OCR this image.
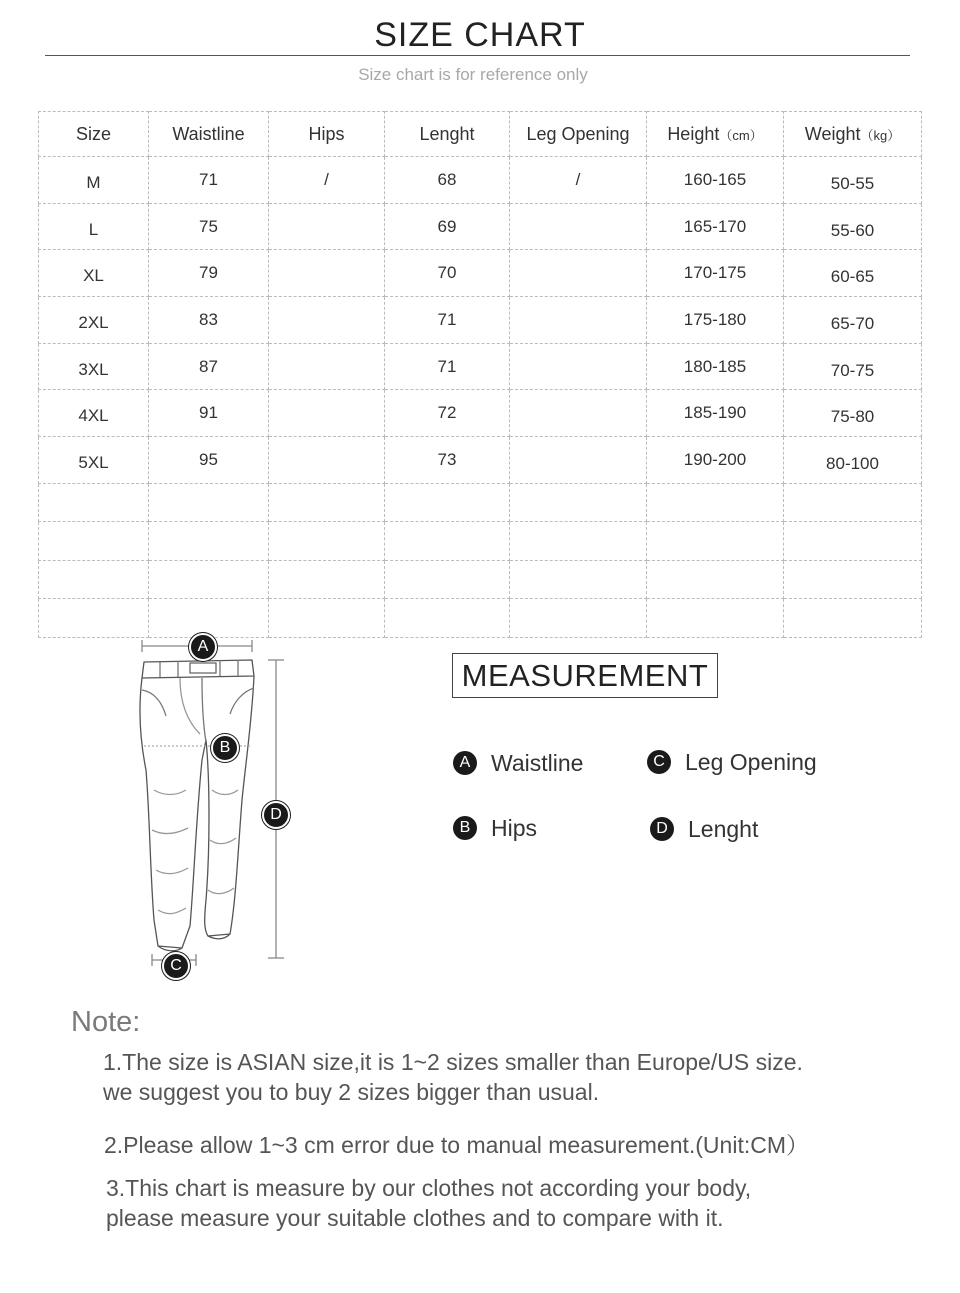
SIZE CHART
Size chart is for reference only
Size	Waistline	Hips	Lenght	Leg Opening	Height（cm）	Weight（kg）
M	71	/	68	/	160-165	50-55
L	75		69		165-170	55-60
XL	79		70		170-175	60-65
2XL	83		71		175-180	65-70
3XL	87		71		180-185	70-75
4XL	91		72		185-190	75-80
5XL	95		73		190-200	80-100

A
B
C
D
MEASUREMENT
A Waistline	C Leg Opening
B Hips	D Lenght
Note:
1.The size is ASIAN size,it is 1~2 sizes smaller than Europe/US size.
we suggest you to buy 2 sizes bigger than usual.
2.Please allow 1~3 cm error due to manual measurement.(Unit:CM）
3.This chart is measure by our clothes not according your body,
please measure your suitable clothes and to compare with it.
